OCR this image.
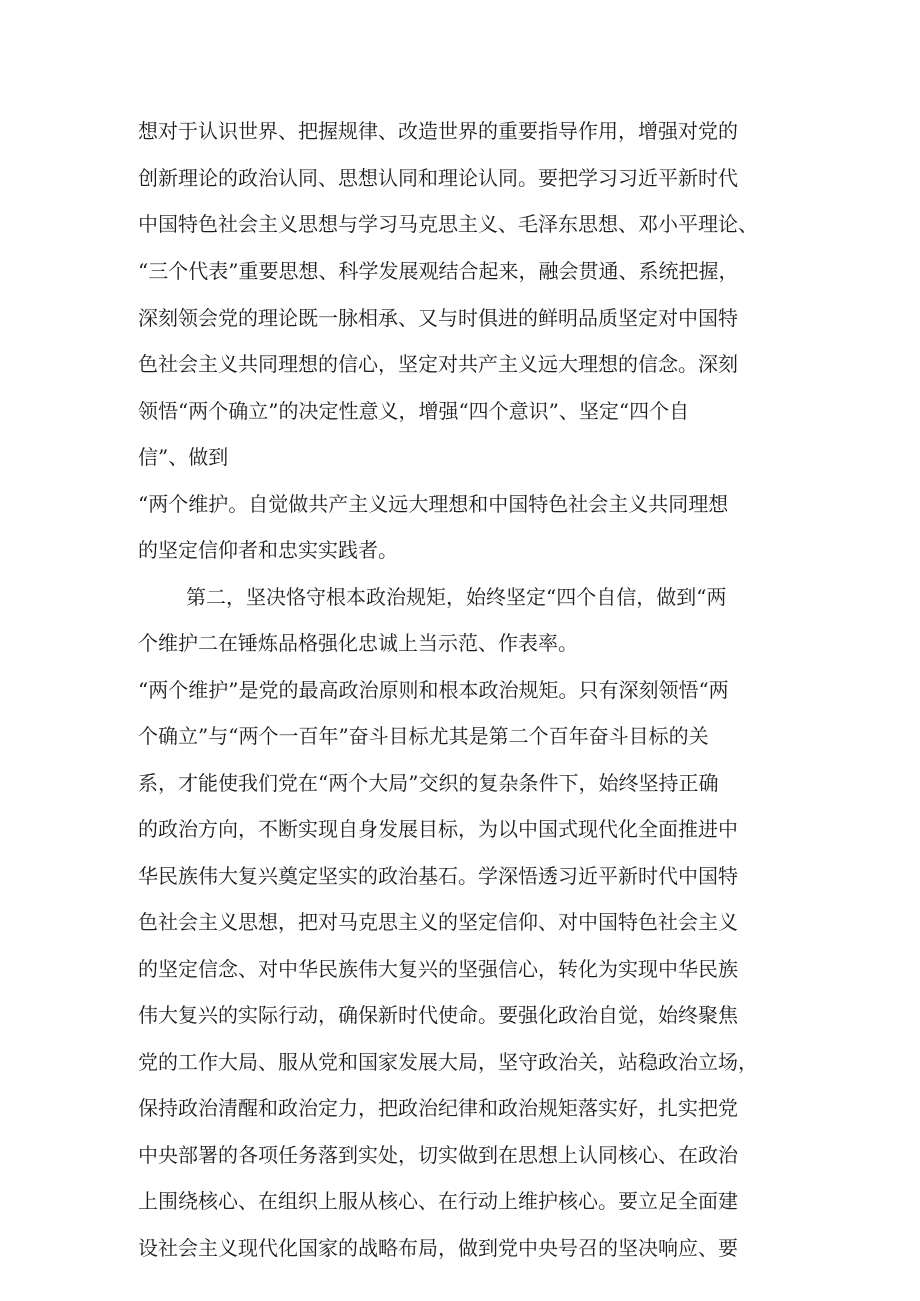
想对于认识世界、把握规律、改造世界的重要指导作用，增强对党的

创新理论的政治认同、思想认同和理论认同。要把学习习近平新时代

中国特色社会主义思想与学习马克思主义、毛泽东思想、邓小平理论、

“三个代表”重要思想、科学发展观结合起来，融会贯通、系统把握，

深刻领会党的理论既一脉相承、又与时俱进的鲜明品质坚定对中国特

色社会主义共同理想的信心，坚定对共产主义远大理想的信念。深刻

领悟“两个确立”的决定性意义，增强“四个意识”、坚定“四个自

信”、做到

“两个维护。自觉做共产主义远大理想和中国特色社会主义共同理想

的坚定信仰者和忠实实践者。

第二，坚决恪守根本政治规矩，始终坚定“四个自信，做到“两

个维护二在锤炼品格强化忠诚上当示范、作表率。

“两个维护”是党的最高政治原则和根本政治规矩。只有深刻领悟“两

个确立”与“两个一百年”奋斗目标尤其是第二个百年奋斗目标的关

系，才能使我们党在“两个大局”交织的复杂条件下，始终坚持正确

的政治方向，不断实现自身发展目标，为以中国式现代化全面推进中

华民族伟大复兴奠定坚实的政治基石。学深悟透习近平新时代中国特

色社会主义思想，把对马克思主义的坚定信仰、对中国特色社会主义

的坚定信念、对中华民族伟大复兴的坚强信心，转化为实现中华民族

伟大复兴的实际行动，确保新时代使命。要强化政治自觉，始终聚焦

党的工作大局、服从党和国家发展大局，坚守政治关，站稳政治立场，

保持政治清醒和政治定力，把政治纪律和政治规矩落实好，扎实把党

中央部署的各项任务落到实处，切实做到在思想上认同核心、在政治

上围绕核心、在组织上服从核心、在行动上维护核心。要立足全面建

设社会主义现代化国家的战略布局，做到党中央号召的坚决响应、要
